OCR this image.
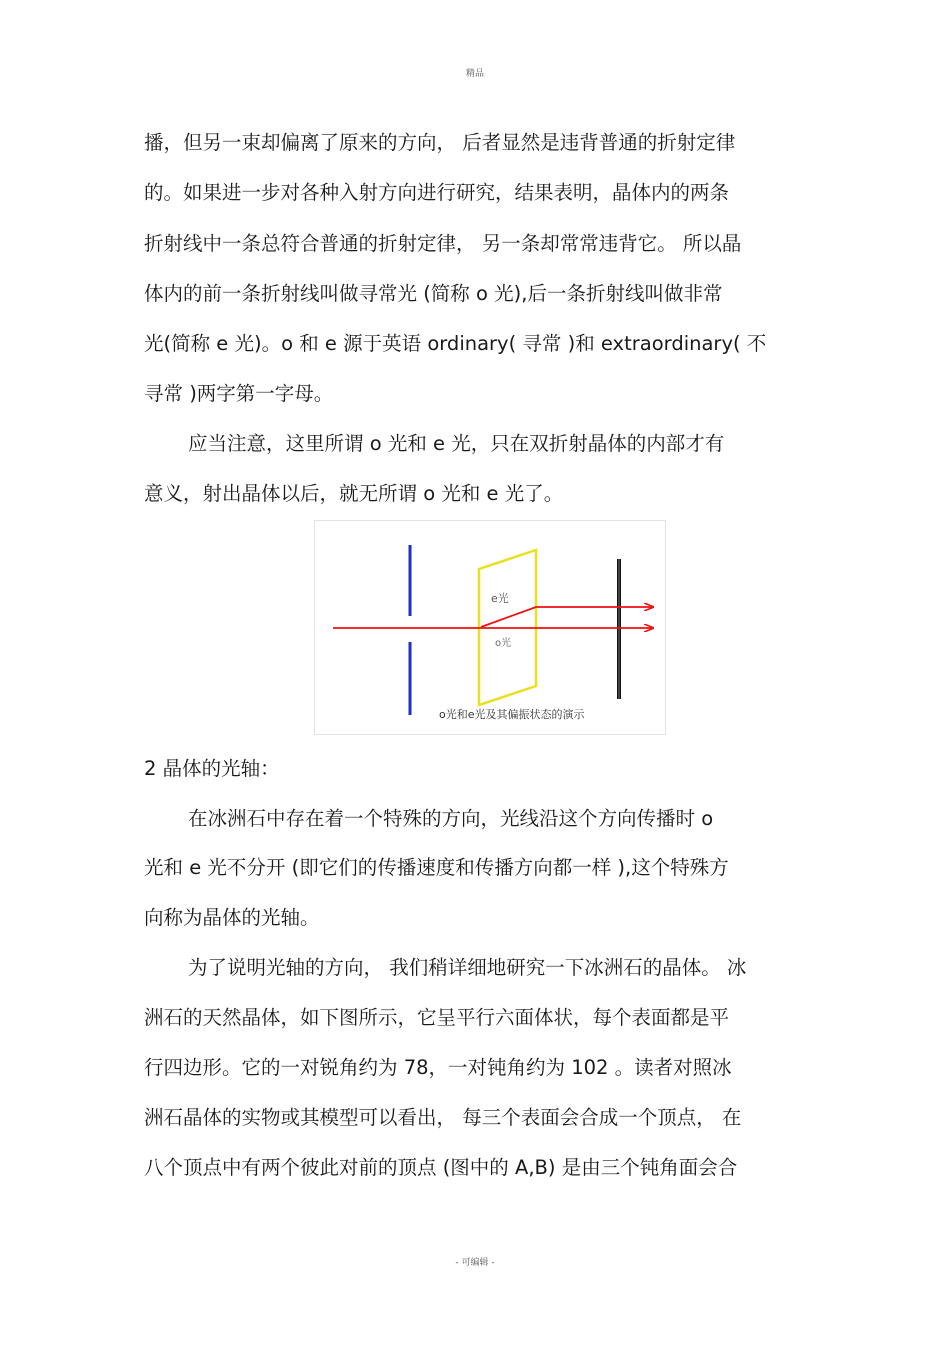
精品
播，但另一束却偏离了原来的方向， 后者显然是违背普通的折射定律
的。如果进一步对各种入射方向进行研究，结果表明，晶体内的两条
折射线中一条总符合普通的折射定律， 另一条却常常违背它。 所以晶
体内的前一条折射线叫做寻常光 (简称 o 光),后一条折射线叫做非常
光(简称 e 光)。o 和 e 源于英语 ordinary( 寻常 )和 extraordinary( 不
寻常 )两字第一字母。
应当注意，这里所谓 o 光和 e 光，只在双折射晶体的内部才有
意义，射出晶体以后，就无所谓 o 光和 e 光了。
e光
o光
o光和e光及其偏振状态的演示
2 晶体的光轴：
在冰洲石中存在着一个特殊的方向，光线沿这个方向传播时 o
光和 e 光不分开 (即它们的传播速度和传播方向都一样 ),这个特殊方
向称为晶体的光轴。
为了说明光轴的方向， 我们稍详细地研究一下冰洲石的晶体。 冰
洲石的天然晶体，如下图所示，它呈平行六面体状，每个表面都是平
行四边形。它的一对锐角约为 78，一对钝角约为 102 。读者对照冰
洲石晶体的实物或其模型可以看出， 每三个表面会合成一个顶点， 在
八个顶点中有两个彼此对前的顶点 (图中的 A,B) 是由三个钝角面会合
- 可编辑 -
